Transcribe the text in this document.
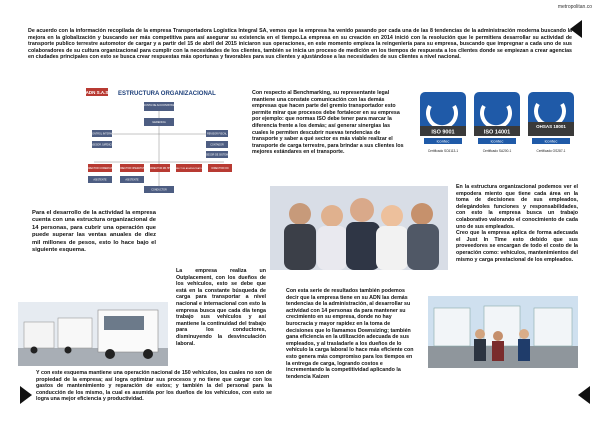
metropolitan.co
De acuerdo con la información recopilada de la empresa Transportadora Logística Integral SA, vemos que la empresa ha venido pasando por cada una de las 8 tendencias de la administración moderna buscando la mejora en la globalización y buscando ser más competitiva para así asegurar su existencia en el tiempo.La empresa en su creación en 2014 inició con la resolución que le permitiera desarrollar su actividad de transporte publico terrestre automotor de cargar y a partir del 15 de abril del 2015 iniciaron sus operaciones, en este momento empieza la reingeniería para su empresa, buscando que impregnar a cada uno de sus colaboradores de su cultura organizacional para cumplir con la necesidades de los clientes, también se inicia un proceso de medición en los tiempos de respuesta a los clientes donde se empiezan a crear agencias en ciudades principales con esto se busca crear respuestas más oportunas y favorables para sus clientes y ajustándose a las necesidades de sus clientes a nivel nacional.
ADN S.A.S ESTRUCTURA ORGANIZACIONAL
JUNTA DE ACCIONISTAS
GERENCIA
CONTROL INTERNO
ASESOR JURÍDICO
REVISOR FISCAL
CONTADOR
ASESOR DE SISTEMA
DIRECTOR COMERCIAL DIRECTOR OPERATIVO DIRECTOR RR.HH DIRECTOR ADMINISTRATIVO	DIRECTOR FIN
ASISTENTE	ASISTENTE
CONDUCTOR
Con respecto al Benchmarking, su representante legal mantiene una constate comunicación con las demás empresas que hacen parte del gremio transportador esto permite mirar que procesos debe fortalecer en su empresa por ejemplo: que normas ISO debe tener para marcar la diferencia frente a los demás; así generar sinergias las cuales le permiten descubrir nuevas tendencias de transporte y saber a qué sector es más viable realizar el transporte de carga terrestre, para brindar a sus clientes los mejores estándares en el transporte.
ISO 9001
icontec
Certificado SC6113-1
ISO 14001
icontec
Certificado SA200-1
OHSAS 18001
icontec
Certificado OS287-1
En la estructura organizacional podemos ver el empodera miento que tiene cada área en la toma de decisiones de sus empleados, delegándoles funciones y responsabilidades, con esto la empresa busca un trabajo colaborativo valorando el conocimiento de cada uno de sus empleados.
Creo que la empresa aplica de forma adecuada el Just In Time esto debido que sus proveedores se encargan de todo el costo de la operación como: vehículos, mantenimientos del mismo y carga prestacional de los empleados.
Para el desarrollo de la actividad la empresa cuenta con una estructura organizacional de 14 personas, para cubrir una operación que puede superar las ventas anuales de diez mil millones de pesos, esto lo hace bajo el siguiente esquema.
La empresa realiza un Outplacement, con los dueños de los vehículos, esto se debe que está en la constante búsqueda de carga para transportar a nivel nacional e internacional con esto la empresa busca que cada día tenga trabajo sus vehículos y así mantiene la continuidad del trabajo para los conductores, disminuyendo la desvinculación laboral.
Con esta serie de resultados también podemos decir que la empresa tiene en su ADN las demás tendencias de la administración, al desarrollar su actividad con 14 personas da para mantener su crecimiento en su empresa, donde no hay burocracia y mayor rapidez en la toma de decisiones que lo llamamos Downsizing; también gana eficiencia en la utilización adecuada de sus empleados, y al trasladarle a los dueños de lo vehículo la carga laboral lo hace más eficiente con esto genera más compromiso para los tiempos en la entrega de carga, logrando costos e incrementando la competitividad aplicando la tendencia Kaizen
Y con este esquema mantiene una operación nacional de 150 vehículos, los cuales no son de propiedad de la empresa; así logra optimizar sus procesos y no tiene que cargar con los gastos de mantenimiento y reparación de estos; y también la del personal para la conducción de los mismo, la cual es asumida por los dueños de los vehículos, con esto se logra una mejor eficiencia y productividad.
